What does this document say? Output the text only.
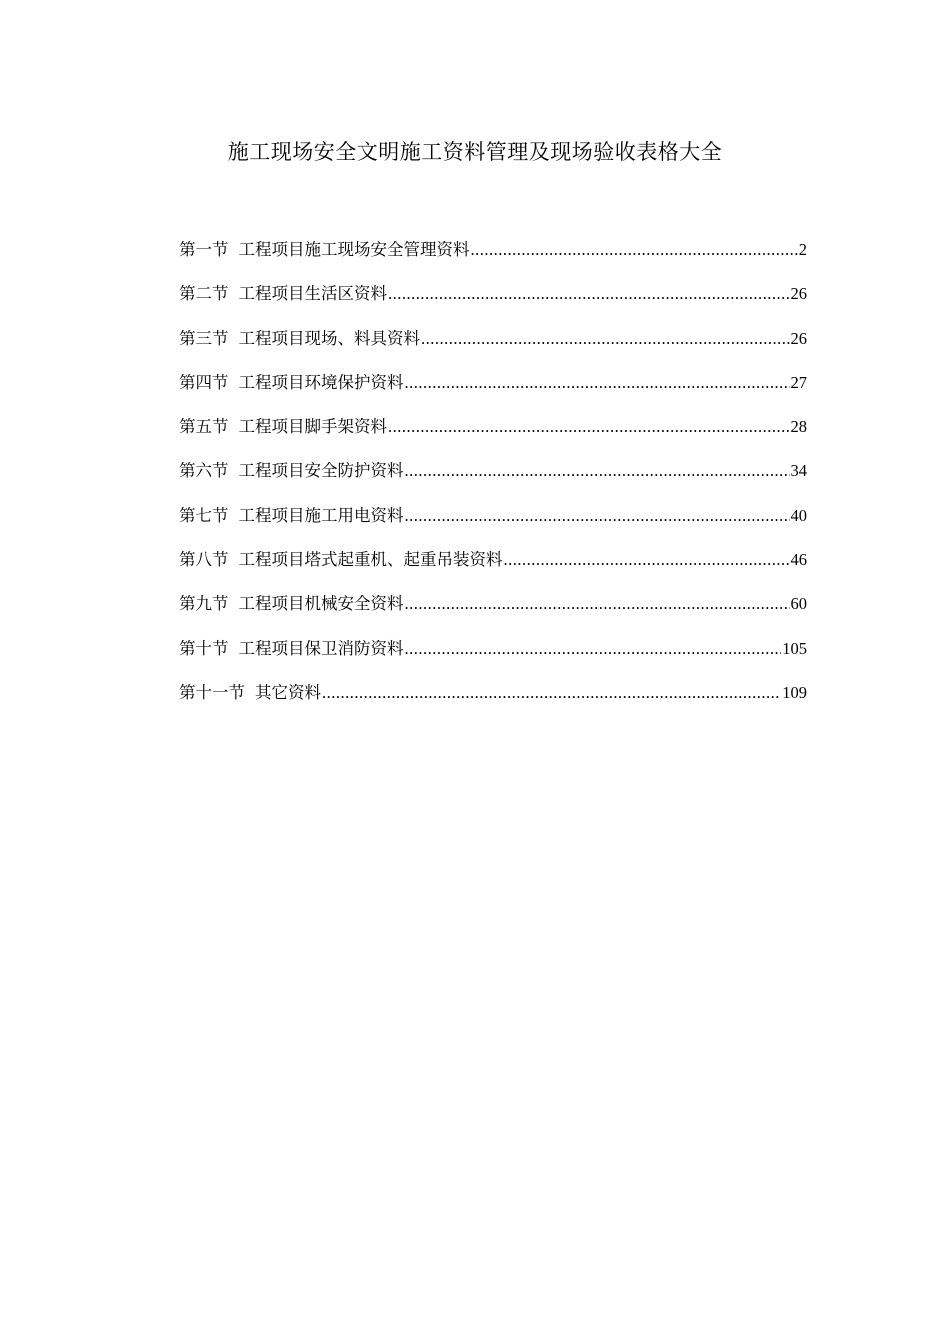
施工现场安全文明施工资料管理及现场验收表格大全
第一节 工程项目施工现场安全管理资料 .....	2
第二节 工程项目生活区资料 .....	26
第三节 工程项目现场、料具资料 .....	26
第四节 工程项目环境保护资料 .....	27
第五节 工程项目脚手架资料 .....	28
第六节 工程项目安全防护资料 .....	34
第七节 工程项目施工用电资料 .....	40
第八节 工程项目塔式起重机、起重吊装资料 .....	46
第九节 工程项目机械安全资料 .....	60
第十节 工程项目保卫消防资料 .....	105
第十一节 其它资料 .....	109
